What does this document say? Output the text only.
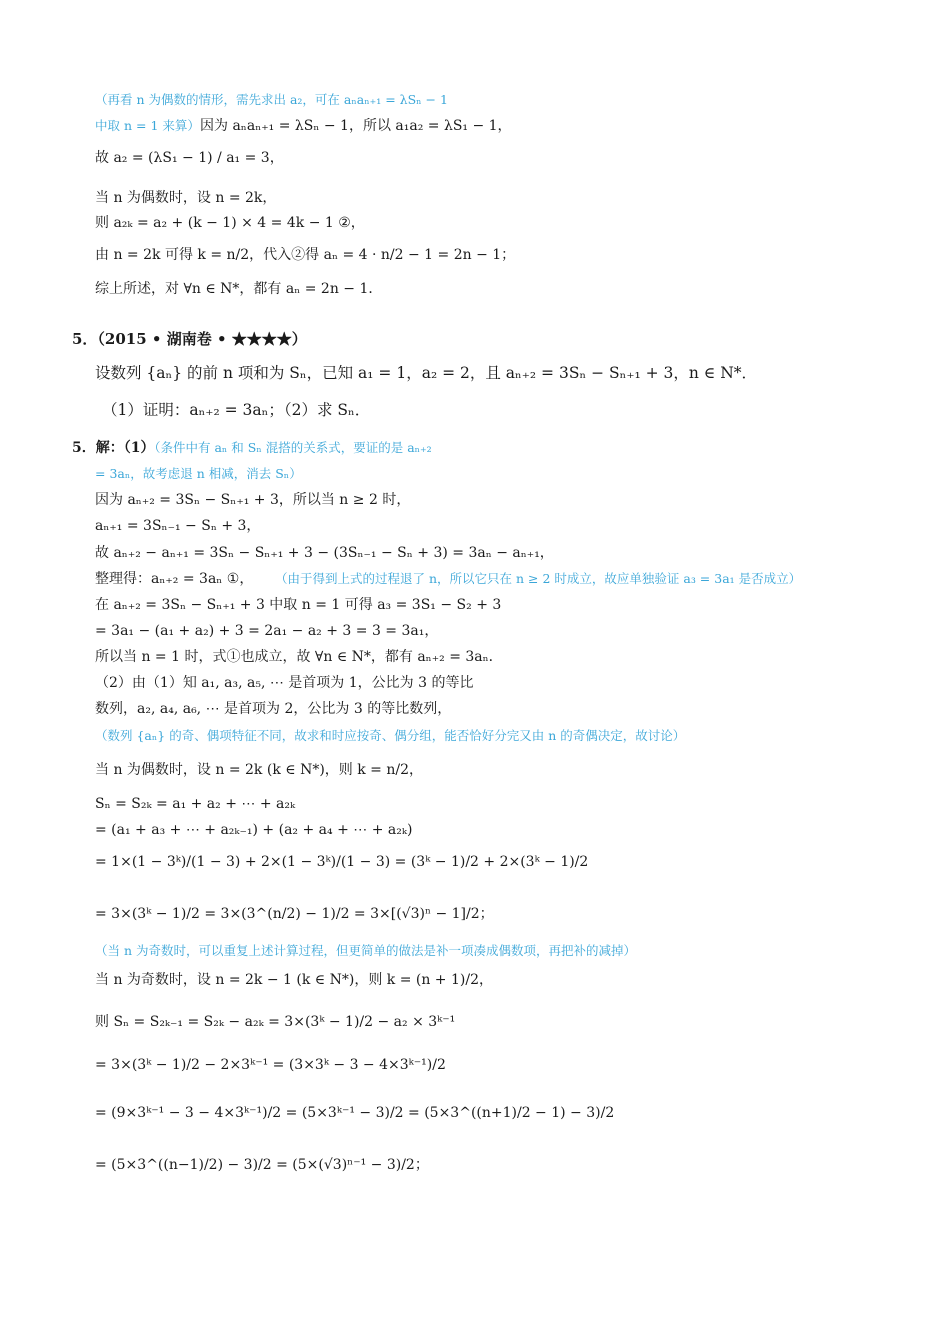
（再看 n 为偶数的情形，需先求出 a₂，可在 aₙaₙ₊₁ = λSₙ − 1
中取 n = 1 来算） 因为 aₙaₙ₊₁ = λSₙ − 1，所以 a₁a₂ = λS₁ − 1，
故 a₂ = (λS₁ − 1) / a₁ = 3，
当 n 为偶数时，设 n = 2k，
则 a₂ₖ = a₂ + (k − 1) × 4 = 4k − 1 ②，
由 n = 2k 可得 k = n/2，代入②得 aₙ = 4 · n/2 − 1 = 2n − 1；
综上所述，对 ∀n ∈ N*，都有 aₙ = 2n − 1．
5．（2015 • 湖南卷 • ★★★★）
设数列 {aₙ} 的前 n 项和为 Sₙ，已知 a₁ = 1，a₂ = 2，且 aₙ₊₂ = 3Sₙ − Sₙ₊₁ + 3，n ∈ N*．
（1）证明：aₙ₊₂ = 3aₙ；（2）求 Sₙ．
5．解：（1）
（条件中有 aₙ 和 Sₙ 混搭的关系式，要证的是 aₙ₊₂
= 3aₙ，故考虑退 n 相减，消去 Sₙ）
因为 aₙ₊₂ = 3Sₙ − Sₙ₊₁ + 3，所以当 n ≥ 2 时，
aₙ₊₁ = 3Sₙ₋₁ − Sₙ + 3，
故 aₙ₊₂ − aₙ₊₁ = 3Sₙ − Sₙ₊₁ + 3 − (3Sₙ₋₁ − Sₙ + 3) = 3aₙ − aₙ₊₁，
整理得：aₙ₊₂ = 3aₙ ①， （由于得到上式的过程退了 n，所以它只在 n ≥ 2 时成立，故应单独验证 a₃ = 3a₁ 是否成立）
在 aₙ₊₂ = 3Sₙ − Sₙ₊₁ + 3 中取 n = 1 可得 a₃ = 3S₁ − S₂ + 3
= 3a₁ − (a₁ + a₂) + 3 = 2a₁ − a₂ + 3 = 3 = 3a₁，
所以当 n = 1 时，式①也成立，故 ∀n ∈ N*，都有 aₙ₊₂ = 3aₙ．
（2）由（1）知 a₁, a₃, a₅, ⋯ 是首项为 1，公比为 3 的等比
数列，a₂, a₄, a₆, ⋯ 是首项为 2，公比为 3 的等比数列，
（数列 {aₙ} 的奇、偶项特征不同，故求和时应按奇、偶分组，能否恰好分完又由 n 的奇偶决定，故讨论）
当 n 为偶数时，设 n = 2k (k ∈ N*)，则 k = n/2，
Sₙ = S₂ₖ = a₁ + a₂ + ⋯ + a₂ₖ
= (a₁ + a₃ + ⋯ + a₂ₖ₋₁) + (a₂ + a₄ + ⋯ + a₂ₖ)
= 1×(1 − 3ᵏ)/(1 − 3) + 2×(1 − 3ᵏ)/(1 − 3) = (3ᵏ − 1)/2 + 2×(3ᵏ − 1)/2
= 3×(3ᵏ − 1)/2 = 3×(3^(n/2) − 1)/2 = 3×[(√3)ⁿ − 1]/2；
（当 n 为奇数时，可以重复上述计算过程，但更简单的做法是补一项凑成偶数项，再把补的减掉）
当 n 为奇数时，设 n = 2k − 1 (k ∈ N*)，则 k = (n + 1)/2，
则 Sₙ = S₂ₖ₋₁ = S₂ₖ − a₂ₖ = 3×(3ᵏ − 1)/2 − a₂ × 3ᵏ⁻¹
= 3×(3ᵏ − 1)/2 − 2×3ᵏ⁻¹ = (3×3ᵏ − 3 − 4×3ᵏ⁻¹)/2
= (9×3ᵏ⁻¹ − 3 − 4×3ᵏ⁻¹)/2 = (5×3ᵏ⁻¹ − 3)/2 = (5×3^((n+1)/2 − 1) − 3)/2
= (5×3^((n−1)/2) − 3)/2 = (5×(√3)ⁿ⁻¹ − 3)/2；
